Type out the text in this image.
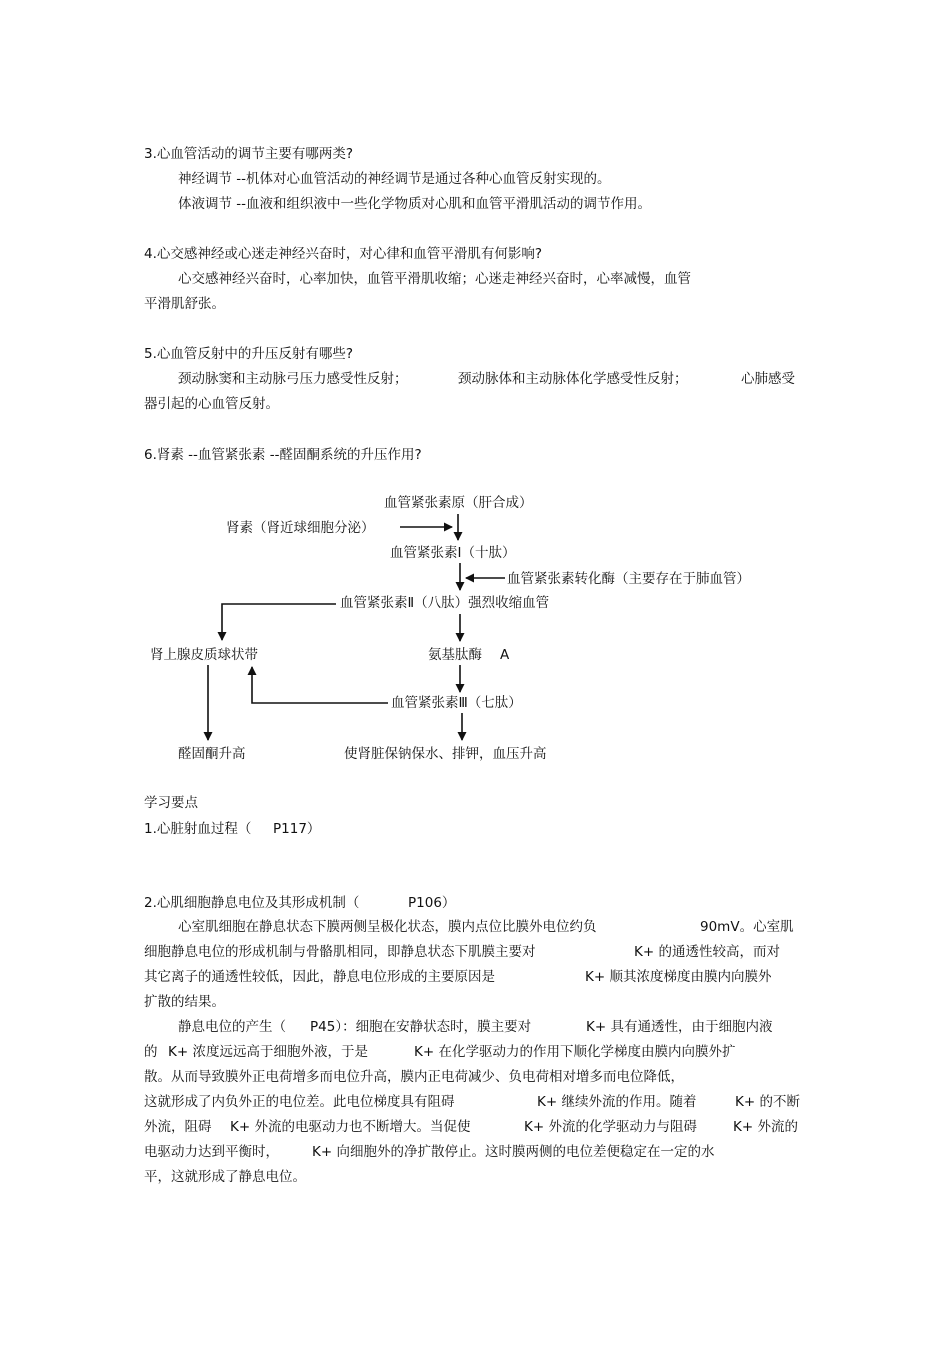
3.心血管活动的调节主要有哪两类?
神经调节 --机体对心血管活动的神经调节是通过各种心血管反射实现的。
体液调节 --血液和组织液中一些化学物质对心肌和血管平滑肌活动的调节作用。
4.心交感神经或心迷走神经兴奋时，对心律和血管平滑肌有何影响?
心交感神经兴奋时，心率加快，血管平滑肌收缩；心迷走神经兴奋时，心率减慢，血管
平滑肌舒张。
5.心血管反射中的升压反射有哪些?
颈动脉窦和主动脉弓压力感受性反射；	颈动脉体和主动脉体化学感受性反射；	心肺感受
器引起的心血管反射。
6.肾素 --血管紧张素 --醛固酮系统的升压作用?
血管紧张素原（肝合成）
肾素（肾近球细胞分泌）
血管紧张素Ⅰ（十肽）
血管紧张素转化酶（主要存在于肺血管）
血管紧张素Ⅱ（八肽）强烈收缩血管
肾上腺皮质球状带	氨基肽酶 A
血管紧张素Ⅲ（七肽）
醛固酮升高	使肾脏保钠保水、排钾，血压升高
学习要点
1.心脏射血过程（ P117）
2.心肌细胞静息电位及其形成机制（	P106）
心室肌细胞在静息状态下膜两侧呈极化状态，膜内点位比膜外电位约负	90mV。心室肌
细胞静息电位的形成机制与骨骼肌相同，即静息状态下肌膜主要对	K+ 的通透性较高，而对
其它离子的通透性较低，因此，静息电位形成的主要原因是	K+ 顺其浓度梯度由膜内向膜外
扩散的结果。
静息电位的产生（ P45）：细胞在安静状态时，膜主要对	K+ 具有通透性，由于细胞内液
的 K+ 浓度远远高于细胞外液，于是	K+ 在化学驱动力的作用下顺化学梯度由膜内向膜外扩
散。从而导致膜外正电荷增多而电位升高，膜内正电荷减少、负电荷相对增多而电位降低，
这就形成了内负外正的电位差。此电位梯度具有阻碍	K+ 继续外流的作用。随着	K+ 的不断
外流，阻碍 K+ 外流的电驱动力也不断增大。当促使	K+ 外流的化学驱动力与阻碍	K+ 外流的
电驱动力达到平衡时， K+ 向细胞外的净扩散停止。这时膜两侧的电位差便稳定在一定的水
平，这就形成了静息电位。
